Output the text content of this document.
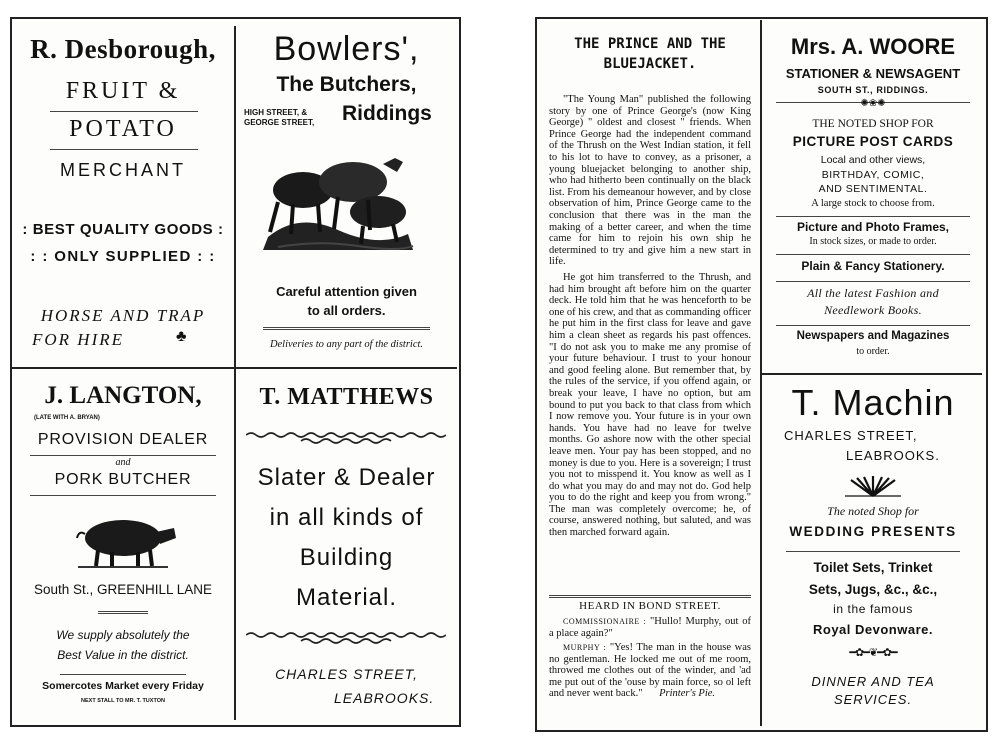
R. Desborough,
FRUIT &
POTATO
MERCHANT
: BEST QUALITY GOODS :
: : ONLY SUPPLIED : :
HORSE AND TRAP
FOR HIRE	♣
Bowlers',
The Butchers,
HIGH STREET, &
GEORGE STREET, Riddings
Careful attention given
to all orders.
Deliveries to any part of the district.
J. LANGTON,
(LATE WITH A. BRYAN)
PROVISION DEALER
and
PORK BUTCHER
South St., GREENHILL LANE
We supply absolutely the
Best Value in the district.
Somercotes Market every Friday
NEXT STALL TO MR. T. TUXTON
T. MATTHEWS
Slater & Dealer
in all kinds of
Building
Material.
CHARLES STREET,
LEABROOKS.
THE PRINCE AND THE
BLUEJACKET.
"The Young Man" published the following story by one of Prince George's (now King George) " oldest and closest " friends. When Prince George had the independent command of the Thrush on the West Indian station, it fell to his lot to have to convey, as a prisoner, a young bluejacket belonging to another ship, who had hitherto been continually on the black list. From his demeanour however, and by close observation of him, Prince George came to the conclusion that there was in the man the making of a better career, and when the time came for him to rejoin his own ship he determined to try and give him a new start in life.
He got him transferred to the Thrush, and had him brought aft before him on the quarter deck. He told him that he was henceforth to be one of his crew, and that as commanding officer he put him in the first class for leave and gave him a clean sheet as regards his past offences. "I do not ask you to make me any promise of your future behaviour. I trust to your honour and good feeling alone. But remember that, by the rules of the service, if you offend again, or break your leave, I have no option, but am bound to put you back to that class from which I now remove you. Your future is in your own hands. You have had no leave for twelve months. Go ashore now with the other special leave men. Your pay has been stopped, and no money is due to you. Here is a sovereign; I trust you not to misspend it. You know as well as I do what you may do and may not do. God help you to do the right and keep you from wrong." The man was completely overcome; he, of course, answered nothing, but saluted, and was then marched forward again.
HEARD IN BOND STREET.
COMMISSIONAIRE : "Hullo! Murphy, out of a place again?"
MURPHY : "Yes! The man in the house was no gentleman. He locked me out of me room, throwed me clothes out of the winder, and 'ad me put out of the 'ouse by main force, so ol left and never went back." Printer's Pie.
Mrs. A. WOORE
STATIONER & NEWSAGENT
SOUTH ST., RIDDINGS.
✺❀✺
THE NOTED SHOP FOR
PICTURE POST CARDS
Local and other views,
BIRTHDAY, COMIC,
AND SENTIMENTAL.
A large stock to choose from.
Picture and Photo Frames,
In stock sizes, or made to order.
Plain & Fancy Stationery.
All the latest Fashion and
Needlework Books.
Newspapers and Magazines
to order.
T. Machin
CHARLES STREET,
LEABROOKS.
The noted Shop for
WEDDING PRESENTS
Toilet Sets, Trinket
Sets, Jugs, &c., &c.,
in the famous
Royal Devonware.
━✿━❦━✿━
DINNER AND TEA
SERVICES.
